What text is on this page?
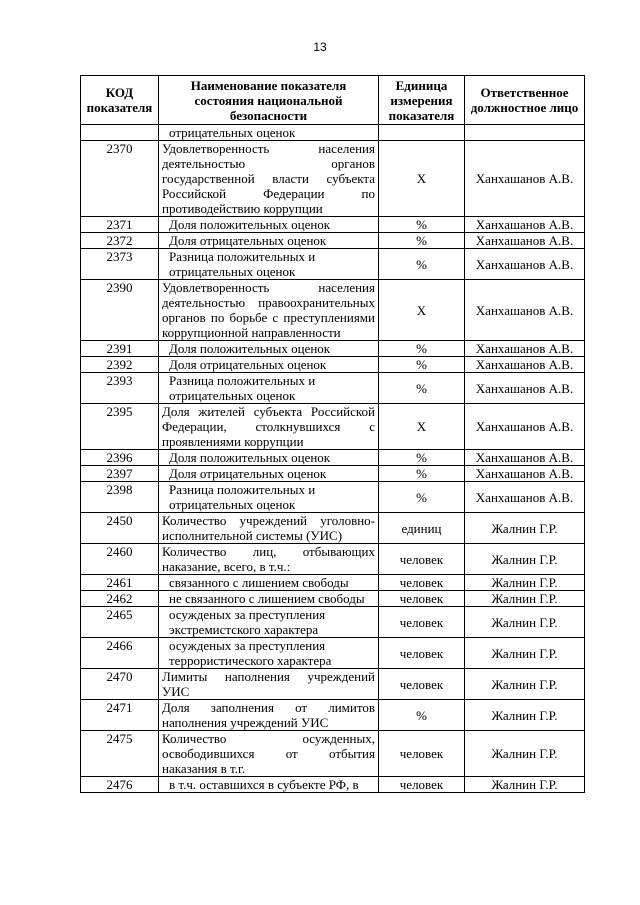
13
КОД показателя	Наименование показателя состояния национальной безопасности	Единица измерения показателя	Ответственное должностное лицо
	отрицательных оценок		
2370	Удовлетворенность населения деятельностью органов государственной власти субъекта Российской Федерации по противодействию коррупции	Х	Ханхашанов А.В.
2371	Доля положительных оценок	%	Ханхашанов А.В.
2372	Доля отрицательных оценок	%	Ханхашанов А.В.
2373	Разница положительных и отрицательных оценок	%	Ханхашанов А.В.
2390	Удовлетворенность населения деятельностью правоохранительных органов по борьбе с преступлениями коррупционной направленности	Х	Ханхашанов А.В.
2391	Доля положительных оценок	%	Ханхашанов А.В.
2392	Доля отрицательных оценок	%	Ханхашанов А.В.
2393	Разница положительных и отрицательных оценок	%	Ханхашанов А.В.
2395	Доля жителей субъекта Российской Федерации, столкнувшихся с проявлениями коррупции	Х	Ханхашанов А.В.
2396	Доля положительных оценок	%	Ханхашанов А.В.
2397	Доля отрицательных оценок	%	Ханхашанов А.В.
2398	Разница положительных и отрицательных оценок	%	Ханхашанов А.В.
2450	Количество учреждений уголовно-исполнительной системы (УИС)	единиц	Жалнин Г.Р.
2460	Количество лиц, отбывающих наказание, всего, в т.ч.:	человек	Жалнин Г.Р.
2461	связанного с лишением свободы	человек	Жалнин Г.Р.
2462	не связанного с лишением свободы	человек	Жалнин Г.Р.
2465	осужденых за преступления экстремистского характера	человек	Жалнин Г.Р.
2466	осужденых за преступления террористического характера	человек	Жалнин Г.Р.
2470	Лимиты наполнения учреждений УИС	человек	Жалнин Г.Р.
2471	Доля заполнения от лимитов наполнения учреждений УИС	%	Жалнин Г.Р.
2475	Количество осужденных, освободившихся от отбытия наказания в т.г.	человек	Жалнин Г.Р.
2476	в т.ч. оставшихся в субъекте РФ, в	человек	Жалнин Г.Р.
